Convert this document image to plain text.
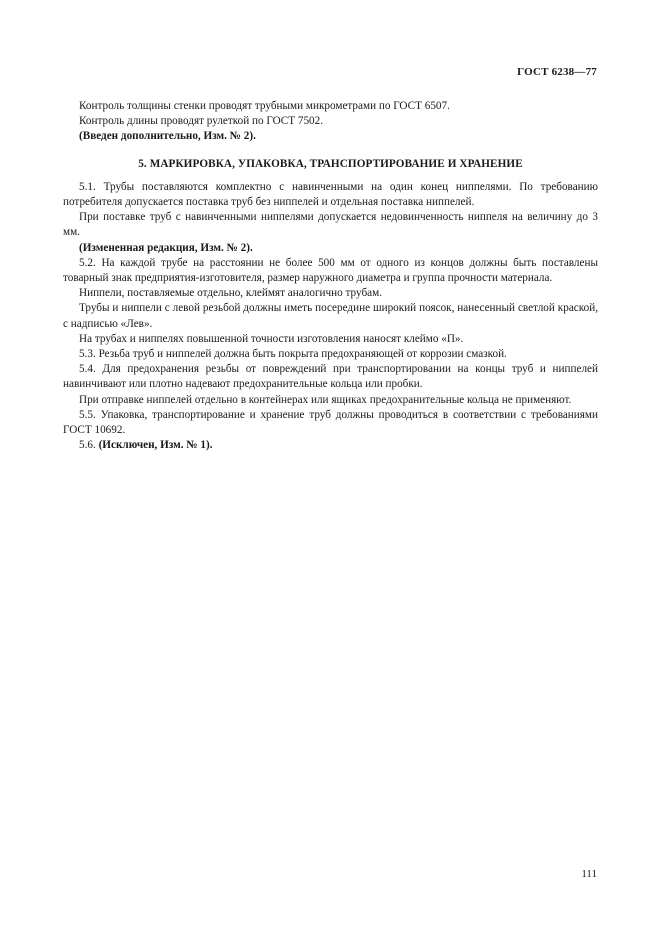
ГОСТ 6238—77

Контроль толщины стенки проводят трубными микрометрами по ГОСТ 6507.

Контроль длины проводят рулеткой по ГОСТ 7502.

(Введен дополнительно, Изм. № 2).

5. МАРКИРОВКА, УПАКОВКА, ТРАНСПОРТИРОВАНИЕ И ХРАНЕНИЕ

5.1. Трубы поставляются комплектно с навинченными на один конец ниппелями. По требованию потребителя допускается поставка труб без ниппелей и отдельная поставка ниппелей.

При поставке труб с навинченными ниппелями допускается недовинченность ниппеля на величину до 3 мм.

(Измененная редакция, Изм. № 2).

5.2. На каждой трубе на расстоянии не более 500 мм от одного из концов должны быть поставлены товарный знак предприятия-изготовителя, размер наружного диаметра и группа прочности материала.

Ниппели, поставляемые отдельно, клеймят аналогично трубам.

Трубы и ниппели с левой резьбой должны иметь посередине широкий поясок, нанесенный светлой краской, с надписью «Лев».

На трубах и ниппелях повышенной точности изготовления наносят клеймо «П».

5.3. Резьба труб и ниппелей должна быть покрыта предохраняющей от коррозии смазкой.

5.4. Для предохранения резьбы от повреждений при транспортировании на концы труб и ниппелей навинчивают или плотно надевают предохранительные кольца или пробки.

При отправке ниппелей отдельно в контейнерах или ящиках предохранительные кольца не применяют.

5.5. Упаковка, транспортирование и хранение труб должны проводиться в соответствии с требованиями ГОСТ 10692.

5.6. (Исключен, Изм. № 1).

111
